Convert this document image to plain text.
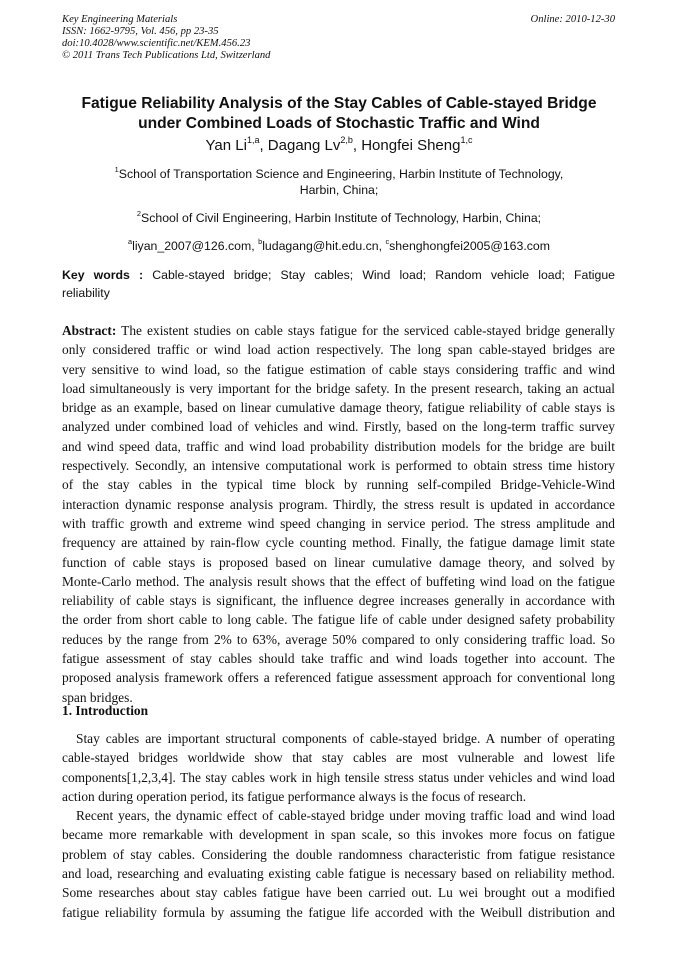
Key Engineering Materials
ISSN: 1662-9795, Vol. 456, pp 23-35
doi:10.4028/www.scientific.net/KEM.456.23
© 2011 Trans Tech Publications Ltd, Switzerland
Online: 2010-12-30
Fatigue Reliability Analysis of the Stay Cables of Cable-stayed Bridge
under Combined Loads of Stochastic Traffic and Wind
Yan Li$^{1,a}$, Dagang Lv$^{2,b}$, Hongfei Sheng$^{1,c}$
$^1$School of Transportation Science and Engineering, Harbin Institute of Technology,
Harbin, China;
$^2$School of Civil Engineering, Harbin Institute of Technology, Harbin, China;
$^a$liyan_2007@126.com, $^b$ludagang@hit.edu.cn, $^c$shenghongfei2005@163.com
Key words : Cable-stayed bridge; Stay cables; Wind load; Random vehicle load; Fatigue
reliability
Abstract: The existent studies on cable stays fatigue for the serviced cable-stayed bridge generally
only considered traffic or wind load action respectively. The long span cable-stayed bridges are
very sensitive to wind load, so the fatigue estimation of cable stays considering traffic and wind
load simultaneously is very important for the bridge safety. In the present research, taking an actual
bridge as an example, based on linear cumulative damage theory, fatigue reliability of cable stays is
analyzed under combined load of vehicles and wind. Firstly, based on the long-term traffic survey
and wind speed data, traffic and wind load probability distribution models for the bridge are built
respectively. Secondly, an intensive computational work is performed to obtain stress time history
of the stay cables in the typical time block by running self-compiled Bridge-Vehicle-Wind
interaction dynamic response analysis program. Thirdly, the stress result is updated in accordance
with traffic growth and extreme wind speed changing in service period. The stress amplitude and
frequency are attained by rain-flow cycle counting method. Finally, the fatigue damage limit state
function of cable stays is proposed based on linear cumulative damage theory, and solved by
Monte-Carlo method. The analysis result shows that the effect of buffeting wind load on the fatigue
reliability of cable stays is significant, the influence degree increases generally in accordance with
the order from short cable to long cable. The fatigue life of cable under designed safety probability
reduces by the range from 2% to 63%, average 50% compared to only considering traffic load. So
fatigue assessment of stay cables should take traffic and wind loads together into account. The
proposed analysis framework offers a referenced fatigue assessment approach for conventional long
span bridges.
1. Introduction
Stay cables are important structural components of cable-stayed bridge. A number of operating
cable-stayed bridges worldwide show that stay cables are most vulnerable and lowest life
components[1,2,3,4]. The stay cables work in high tensile stress status under vehicles and wind load
action during operation period, its fatigue performance always is the focus of research.
Recent years, the dynamic effect of cable-stayed bridge under moving traffic load and wind load
became more remarkable with development in span scale, so this invokes more focus on fatigue
problem of stay cables. Considering the double randomness characteristic from fatigue resistance
and load, researching and evaluating existing cable fatigue is necessary based on reliability method.
Some researches about stay cables fatigue have been carried out. Lu wei brought out a modified
fatigue reliability formula by assuming the fatigue life accorded with the Weibull distribution and
